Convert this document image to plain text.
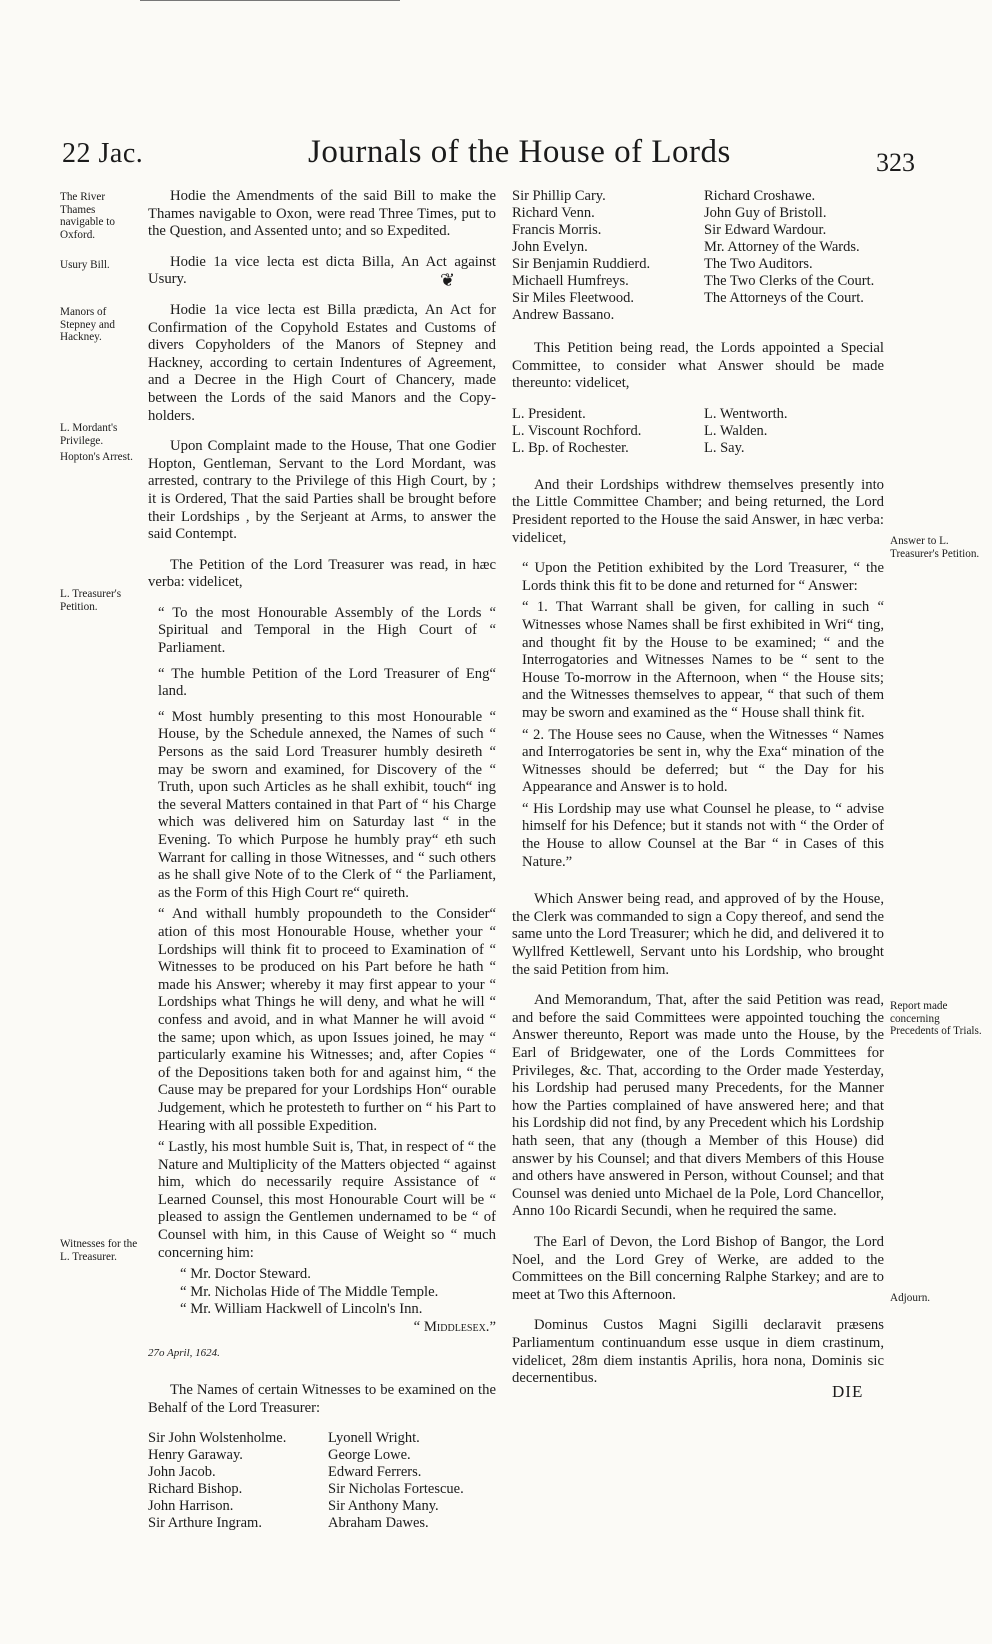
22 Jac.	Journals of the House of Lords	323
The River Thames navigable to Oxford.
Usury Bill.
Manors of Stepney and Hackney.
L. Mordant's Privilege.
Hopton's Arrest.
L. Treasurer's Petition.
Witnesses for the L. Treasurer.
Answer to L. Treasurer's Petition.
Report made concerning Precedents of Trials.
Adjourn.
❦

Hodie the Amendments of the said Bill to make the Thames navigable to Oxon, were read Three Times, put to the Question, and Assented unto; and so Expedited.

Hodie 1a vice lecta est dicta Billa, An Act against Usury.

Hodie 1a vice lecta est Billa prædicta, An Act for Confirmation of the Copyhold Estates and Customs of divers Copyholders of the Manors of Stepney and Hackney, according to certain Indentures of Agreement, and a Decree in the High Court of Chancery, made between the Lords of the said Manors and the Copy-holders.

Upon Complaint made to the House, That one Godier Hopton, Gentleman, Servant to the Lord Mordant, was arrested, contrary to the Privilege of this High Court, by ; it is Ordered, That the said Parties shall be brought before their Lordships , by the Serjeant at Arms, to answer the said Contempt.

The Petition of the Lord Treasurer was read, in hæc verba: videlicet,

“ To the most Honourable Assembly of the Lords “ Spiritual and Temporal in the High Court of “ Parliament.

“ The humble Petition of the Lord Treasurer of Eng“ land.

“ Most humbly presenting to this most Honourable “ House, by the Schedule annexed, the Names of such “ Persons as the said Lord Treasurer humbly desireth “ may be sworn and examined, for Discovery of the “ Truth, upon such Articles as he shall exhibit, touch“ ing the several Matters contained in that Part of “ his Charge which was delivered him on Saturday last “ in the Evening. To which Purpose he humbly pray“ eth such Warrant for calling in those Witnesses, and “ such others as he shall give Note of to the Clerk of “ the Parliament, as the Form of this High Court re“ quireth.

“ And withall humbly propoundeth to the Consider“ ation of this most Honourable House, whether your “ Lordships will think fit to proceed to Examination of “ Witnesses to be produced on his Part before he hath “ made his Answer; whereby it may first appear to your “ Lordships what Things he will deny, and what he will “ confess and avoid, and in what Manner he will avoid “ the same; upon which, as upon Issues joined, he may “ particularly examine his Witnesses; and, after Copies “ of the Depositions taken both for and against him, “ the Cause may be prepared for your Lordships Hon“ ourable Judgement, which he protesteth to further on “ his Part to Hearing with all possible Expedition.

“ Lastly, his most humble Suit is, That, in respect of “ the Nature and Multiplicity of the Matters objected “ against him, which do necessarily require Assistance of “ Learned Counsel, this most Honourable Court will be “ pleased to assign the Gentlemen undernamed to be “ of Counsel with him, in this Cause of Weight so “ much concerning him:

“ Mr. Doctor Steward.

“ Mr. Nicholas Hide of The Middle Temple.

“ Mr. William Hackwell of Lincoln's Inn.

“ Middlesex.”

27o April, 1624.

The Names of certain Witnesses to be examined on the Behalf of the Lord Treasurer:

Sir John Wolstenholme.
Henry Garaway.
John Jacob.
Richard Bishop.
John Harrison.
Sir Arthure Ingram.
Lyonell Wright.
George Lowe.
Edward Ferrers.
Sir Nicholas Fortescue.
Sir Anthony Many.
Abraham Dawes.
Sir Phillip Cary.
Richard Venn.
Francis Morris.
John Evelyn.
Sir Benjamin Ruddierd.
Michaell Humfreys.
Sir Miles Fleetwood.
Andrew Bassano.
Richard Croshawe.
John Guy of Bristoll.
Sir Edward Wardour.
Mr. Attorney of the Wards.
The Two Auditors.
The Two Clerks of the Court.
The Attorneys of the Court.

This Petition being read, the Lords appointed a Special Committee, to consider what Answer should be made thereunto: videlicet,

L. President.
L. Viscount Rochford.
L. Bp. of Rochester.
L. Wentworth.
L. Walden.
L. Say.

And their Lordships withdrew themselves presently into the Little Committee Chamber; and being returned, the Lord President reported to the House the said Answer, in hæc verba: videlicet,

“ Upon the Petition exhibited by the Lord Treasurer, “ the Lords think this fit to be done and returned for “ Answer:

“ 1. That Warrant shall be given, for calling in such “ Witnesses whose Names shall be first exhibited in Wri“ ting, and thought fit by the House to be examined; “ and the Interrogatories and Witnesses Names to be “ sent to the House To-morrow in the Afternoon, when “ the House sits; and the Witnesses themselves to appear, “ that such of them may be sworn and examined as the “ House shall think fit.

“ 2. The House sees no Cause, when the Witnesses “ Names and Interrogatories be sent in, why the Exa“ mination of the Witnesses should be deferred; but “ the Day for his Appearance and Answer is to hold.

“ His Lordship may use what Counsel he please, to “ advise himself for his Defence; but it stands not with “ the Order of the House to allow Counsel at the Bar “ in Cases of this Nature.”

Which Answer being read, and approved of by the House, the Clerk was commanded to sign a Copy thereof, and send the same unto the Lord Treasurer; which he did, and delivered it to Wyllfred Kettlewell, Servant unto his Lordship, who brought the said Petition from him.

And Memorandum, That, after the said Petition was read, and before the said Committees were appointed touching the Answer thereunto, Report was made unto the House, by the Earl of Bridgewater, one of the Lords Committees for Privileges, &c. That, according to the Order made Yesterday, his Lordship had perused many Precedents, for the Manner how the Parties complained of have answered here; and that his Lordship did not find, by any Precedent which his Lordship hath seen, that any (though a Member of this House) did answer by his Counsel; and that divers Members of this House and others have answered in Person, without Counsel; and that Counsel was denied unto Michael de la Pole, Lord Chancellor, Anno 10o Ricardi Secundi, when he required the same.

The Earl of Devon, the Lord Bishop of Bangor, the Lord Noel, and the Lord Grey of Werke, are added to the Committees on the Bill concerning Ralphe Starkey; and are to meet at Two this Afternoon.

Dominus Custos Magni Sigilli declaravit præsens Parliamentum continuandum esse usque in diem crastinum, videlicet, 28m diem instantis Aprilis, hora nona, Dominis sic decernentibus.

DIE
